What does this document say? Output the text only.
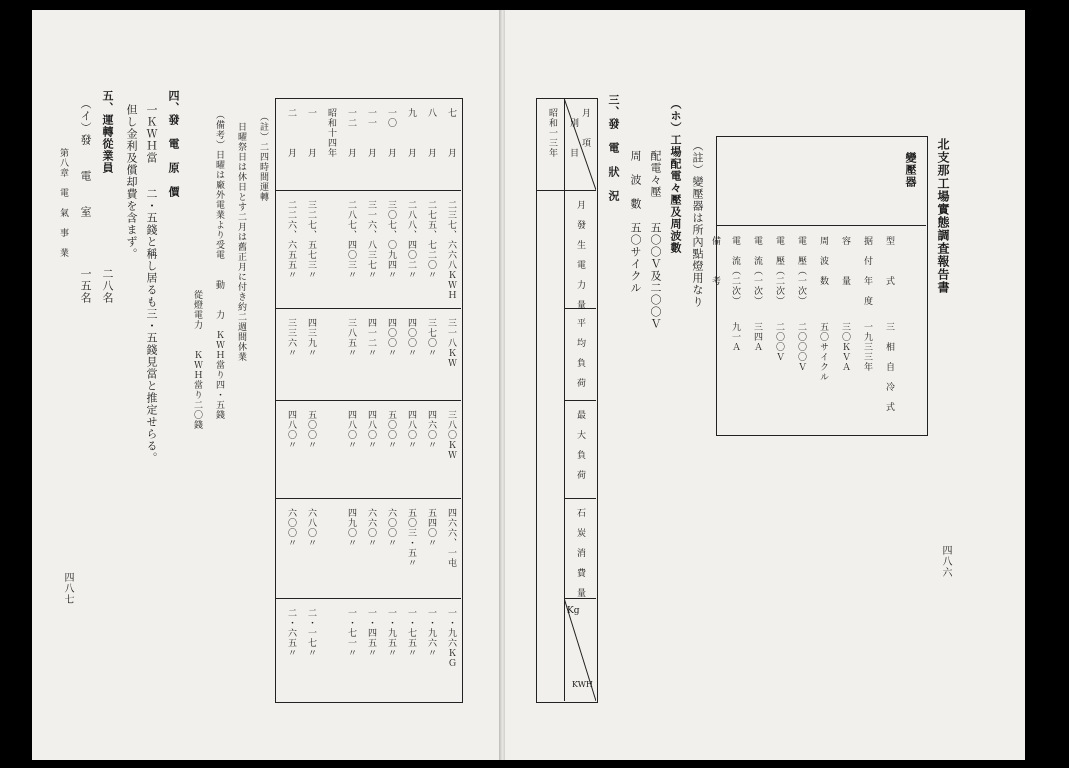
北支那工場實態調査報告書
四八六
變壓器
型　　　式
三　相　自　冷　式
据　付　年　度
一九三三年
容　　　量
三〇ＫＶＡ
周　波　数
五〇サイクル
電　壓（一次）
二〇〇〇Ｖ
電　壓（二次）
二〇〇Ｖ
電　流（一次）
三四Ａ
電　流（二次）
九一Ａ
備　　　考
（註）變壓器は所內點燈用なり
（ホ）工場配電々壓及周波數
配電々壓
五〇〇Ｖ及二〇〇Ｖ
周　波　數
五〇サイクル
三、發　電　狀　況
月　　項
別　　目
月　發　生　電　力　量
平　均　負　荷
最　大　負　荷
石　炭　消　費　量
Kg
KWH
昭和一三年
七　　　月
二三七、六六八ＫＷＨ
三一八ＫＷ
三八〇ＫＷ
四六六、一屯
一・九六ＫＧ
八　　　月
二七五、七二〇〃
三七〇〃
四六〇〃
五四〇〃
一・九六〃
九　　　月
二八八、四〇二〃
四〇〇〃
四八〇〃
五〇三・五〃
一・七五〃
一〇　　月
三〇七、〇九四〃
四〇〇〃
五〇〇〃
六〇〇〃
一・九五〃
一一　　月
三一六、八三七〃
四一二〃
四八〇〃
六六〇〃
一・四五〃
一二　　月
二八七、四〇三〃
三八五〃
四八〇〃
四九〇〃
一・七一〃
昭和十四年
一　　　月
三二七、五七三〃
四三九〃
五〇〇〃
六八〇〃
二・一七〃
二　　　月
二二六、六五五〃
三三六〃
四八〇〃
六〇〇〃
二・六五〃
（註）二四時間運轉
日曜祭日は休日とす二月は舊正月に付き約二週間休業
（備考）日曜は廠外電業より受電　　動　　力　ＫＷＨ當り四・五錢
從燈電力　　ＫＷＨ當り二〇錢
四、發　電　原　價
一ＫＷＨ當　　二・五錢と稱し居るも三・五錢見當と推定せらる。
但し金利及償却費を含まず。
五、運轉從業員
二八名
（イ）發　　電　　室
一五名
第八章　電　氣　事　業
四八七
